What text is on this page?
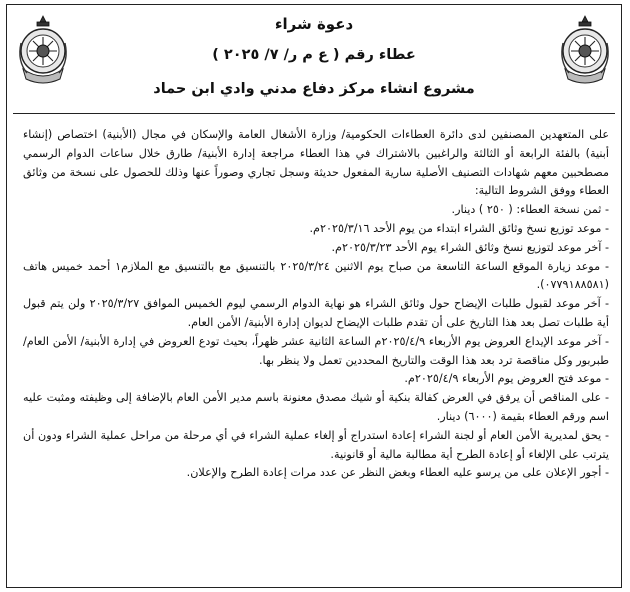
دعوة شراء
عطاء رقم ( ع م ر/ ٧/ ٢٠٢٥ )
مشروع انشاء مركز دفاع مدني وادي ابن حماد

على المتعهدين المصنفين لدى دائرة العطاءات الحكومية/ وزارة الأشغال العامة والإسكان في مجال (الأبنية) اختصاص (إنشاء أبنية) بالفئة الرابعة أو الثالثة والراغبين بالاشتراك في هذا العطاء مراجعة إدارة الأبنية/ طارق خلال ساعات الدوام الرسمي مصطحبين معهم شهادات التصنيف الأصلية سارية المفعول حديثة وسجل تجاري وصوراً عنها وذلك للحصول على نسخة من وثائق العطاء ووفق الشروط التالية:

- ثمن نسخة العطاء: ( ٢٥٠ ) دينار.
- موعد توزيع نسخ وثائق الشراء ابتداء من يوم الأحد ٢٠٢٥/٣/١٦م.
- آخر موعد لتوزيع نسخ وثائق الشراء يوم الأحد ٢٠٢٥/٣/٢٣م.
- موعد زيارة الموقع الساعة التاسعة من صباح يوم الاثنين ٢٠٢٥/٣/٢٤ بالتنسيق مع بالتنسيق مع الملازم١ أحمد خميس هاتف (٠٧٧٩١٨٨٥٨١).
- آخر موعد لقبول طلبات الإيضاح حول وثائق الشراء هو نهاية الدوام الرسمي ليوم الخميس الموافق ٢٠٢٥/٣/٢٧ ولن يتم قبول أية طلبات تصل بعد هذا التاريخ على أن تقدم طلبات الإيضاح لديوان إدارة الأبنية/ الأمن العام.
- آخر موعد الإيداع العروض يوم الأربعاء ٢٠٢٥/٤/٩م الساعة الثانية عشر ظهراً، بحيث تودع العروض في إدارة الأبنية/ الأمن العام/ طبربور وكل مناقصة ترد بعد هذا الوقت والتاريخ المحددين تعمل ولا ينظر بها.
- موعد فتح العروض يوم الأربعاء ٢٠٢٥/٤/٩م.
- على المناقص أن يرفق في العرض كفالة بنكية أو شيك مصدق معنونة باسم مدير الأمن العام بالإضافة إلى وظيفته ومثبت عليه اسم ورقم العطاء بقيمة (٦٠٠٠) دينار.
- يحق لمديرية الأمن العام أو لجنة الشراء إعادة استدراج أو إلغاء عملية الشراء في أي مرحلة من مراحل عملية الشراء ودون أن يترتب على الإلغاء أو إعادة الطرح أية مطالبة مالية أو قانونية.
- أجور الإعلان على من يرسو عليه العطاء وبغض النظر عن عدد مرات إعادة الطرح والإعلان.
